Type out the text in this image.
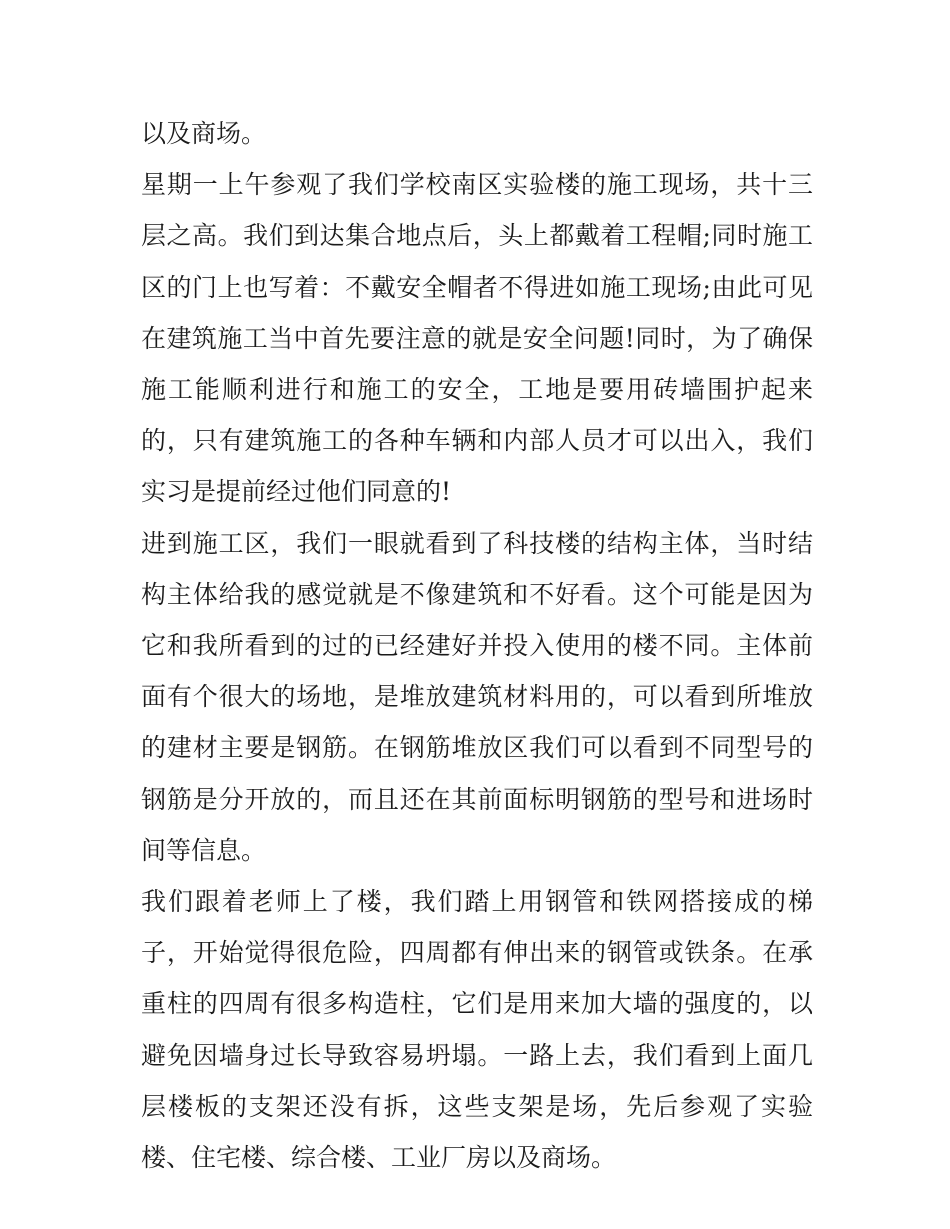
以及商场。

星期一上午参观了我们学校南区实验楼的施工现场，共十三层之高。我们到达集合地点后，头上都戴着工程帽;同时施工区的门上也写着：不戴安全帽者不得进如施工现场;由此可见在建筑施工当中首先要注意的就是安全问题!同时，为了确保施工能顺利进行和施工的安全，工地是要用砖墙围护起来的，只有建筑施工的各种车辆和内部人员才可以出入，我们实习是提前经过他们同意的!

进到施工区，我们一眼就看到了科技楼的结构主体，当时结构主体给我的感觉就是不像建筑和不好看。这个可能是因为它和我所看到的过的已经建好并投入使用的楼不同。主体前面有个很大的场地，是堆放建筑材料用的，可以看到所堆放的建材主要是钢筋。在钢筋堆放区我们可以看到不同型号的钢筋是分开放的，而且还在其前面标明钢筋的型号和进场时间等信息。

我们跟着老师上了楼，我们踏上用钢管和铁网搭接成的梯子，开始觉得很危险，四周都有伸出来的钢管或铁条。在承重柱的四周有很多构造柱，它们是用来加大墙的强度的，以避免因墙身过长导致容易坍塌。一路上去，我们看到上面几层楼板的支架还没有拆，这些支架是场，先后参观了实验楼、住宅楼、综合楼、工业厂房以及商场。
